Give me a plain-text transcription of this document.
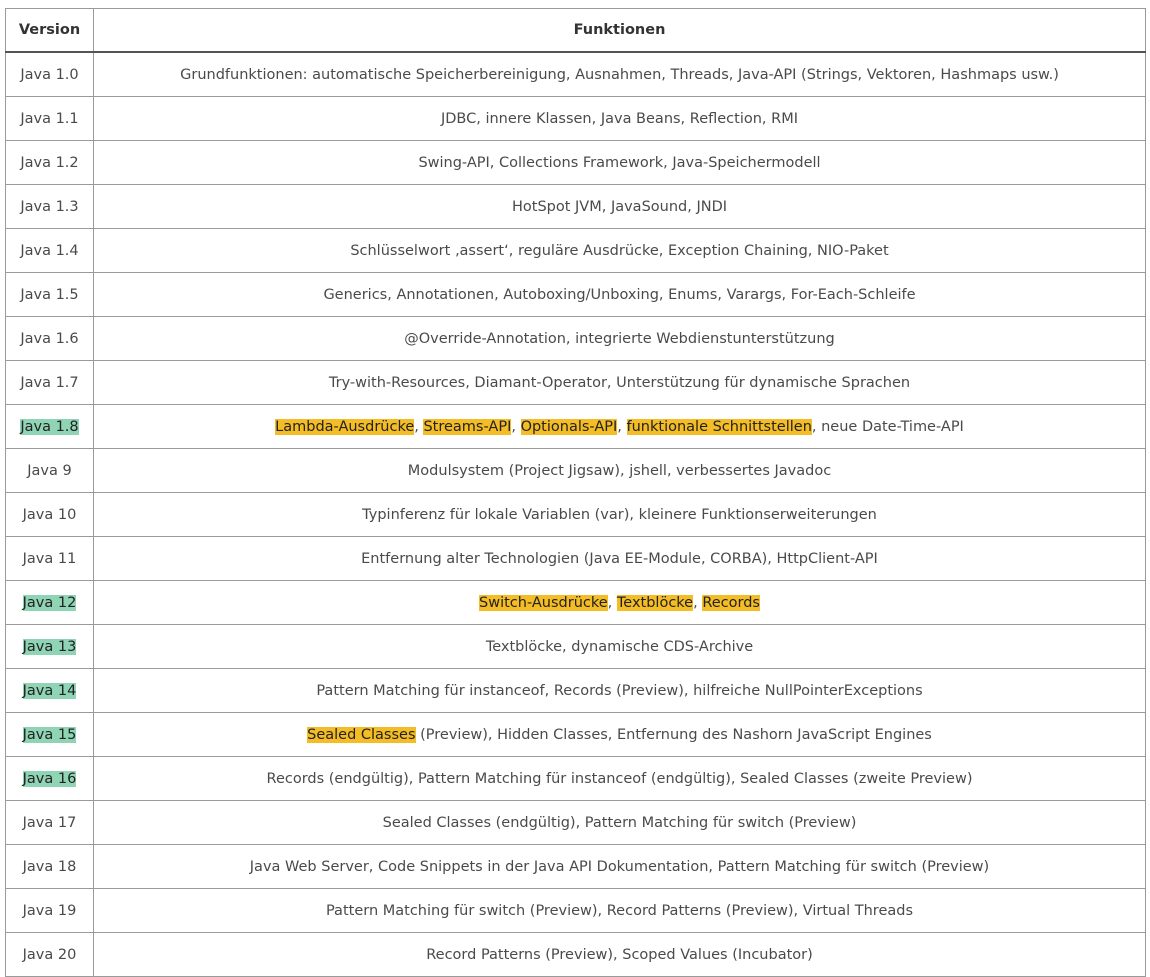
Version	Funktionen
Java 1.0	Grundfunktionen: automatische Speicherbereinigung, Ausnahmen, Threads, Java-API (Strings, Vektoren, Hashmaps usw.)
Java 1.1	JDBC, innere Klassen, Java Beans, Reflection, RMI
Java 1.2	Swing-API, Collections Framework, Java-Speichermodell
Java 1.3	HotSpot JVM, JavaSound, JNDI
Java 1.4	Schlüsselwort ‚assert‘, reguläre Ausdrücke, Exception Chaining, NIO-Paket
Java 1.5	Generics, Annotationen, Autoboxing/Unboxing, Enums, Varargs, For-Each-Schleife
Java 1.6	@Override-Annotation, integrierte Webdienstunterstützung
Java 1.7	Try-with-Resources, Diamant-Operator, Unterstützung für dynamische Sprachen
Java 1.8	Lambda-Ausdrücke, Streams-API, Optionals-API, funktionale Schnittstellen, neue Date-Time-API
Java 9	Modulsystem (Project Jigsaw), jshell, verbessertes Javadoc
Java 10	Typinferenz für lokale Variablen (var), kleinere Funktionserweiterungen
Java 11	Entfernung alter Technologien (Java EE-Module, CORBA), HttpClient-API
Java 12	Switch-Ausdrücke, Textblöcke, Records
Java 13	Textblöcke, dynamische CDS-Archive
Java 14	Pattern Matching für instanceof, Records (Preview), hilfreiche NullPointerExceptions
Java 15	Sealed Classes (Preview), Hidden Classes, Entfernung des Nashorn JavaScript Engines
Java 16	Records (endgültig), Pattern Matching für instanceof (endgültig), Sealed Classes (zweite Preview)
Java 17	Sealed Classes (endgültig), Pattern Matching für switch (Preview)
Java 18	Java Web Server, Code Snippets in der Java API Dokumentation, Pattern Matching für switch (Preview)
Java 19	Pattern Matching für switch (Preview), Record Patterns (Preview), Virtual Threads
Java 20	Record Patterns (Preview), Scoped Values (Incubator)
